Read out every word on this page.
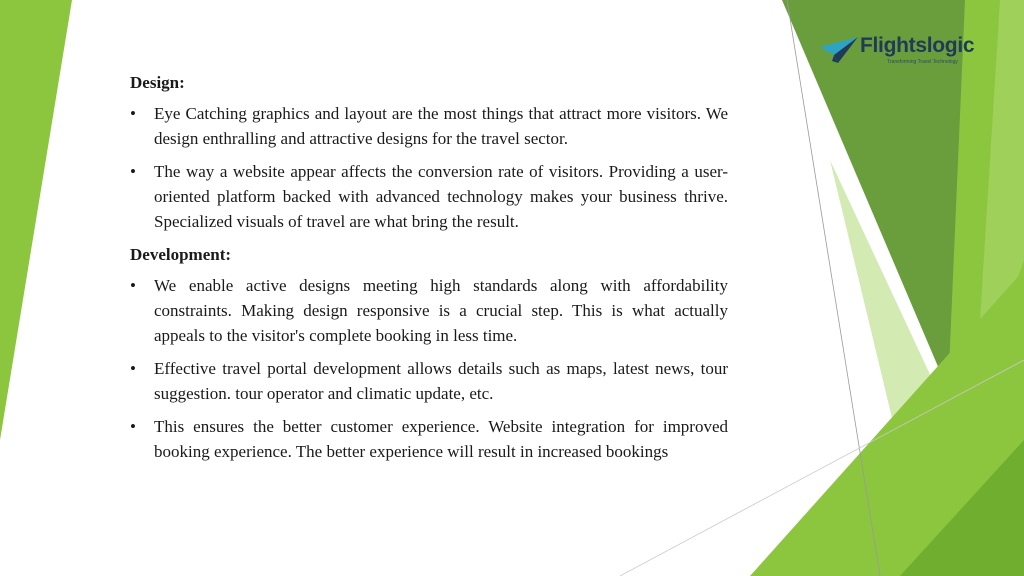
Flightslogic
Transforming Travel Technology
Design:
• Eye Catching graphics and layout are the most things that attract more visitors. We design enthralling and attractive designs for the travel sector.
• The way a website appear affects the conversion rate of visitors. Providing a user-oriented platform backed with advanced technology makes your business thrive. Specialized visuals of travel are what bring the result.
Development:
• We enable active designs meeting high standards along with affordability constraints. Making design responsive is a crucial step. This is what actually appeals to the visitor's complete booking in less time.
• Effective travel portal development allows details such as maps, latest news, tour suggestion. tour operator and climatic update, etc.
• This ensures the better customer experience. Website integration for improved booking experience. The better experience will result in increased bookings
